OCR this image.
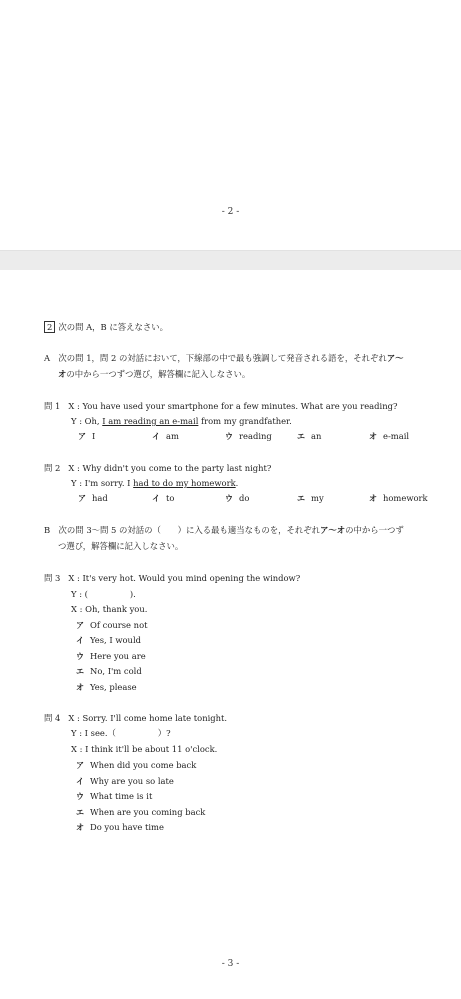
- 2 -
2 次の問 A，B に答えなさい。
A　次の問 1，問 2 の対話において，下線部の中で最も強調して発音される語を，それぞれア〜
オの中から一つずつ選び，解答欄に記入しなさい。
問 1 X : You have used your smartphone for a few minutes. What are you reading?
Y : Oh, I am reading an e-mail from my grandfather.
ア I	イ am	ウ reading	エ an	オ e-mail
問 2 X : Why didn't you come to the party last night?
Y : I'm sorry. I had to do my homework.
ア had	イ to	ウ do	エ my	オ homework
B　次の問 3〜問 5 の対話の（　　）に入る最も適当なものを，それぞれア〜オの中から一つず
つ選び，解答欄に記入しなさい。
問 3 X : It's very hot. Would you mind opening the window?
Y : (　　　　　).
X : Oh, thank you.
ア Of course not
イ Yes, I would
ウ Here you are
エ No, I'm cold
オ Yes, please
問 4 X : Sorry. I'll come home late tonight.
Y : I see.（　　　　　）?
X : I think it'll be about 11 o'clock.
ア When did you come back
イ Why are you so late
ウ What time is it
エ When are you coming back
オ Do you have time
- 3 -
